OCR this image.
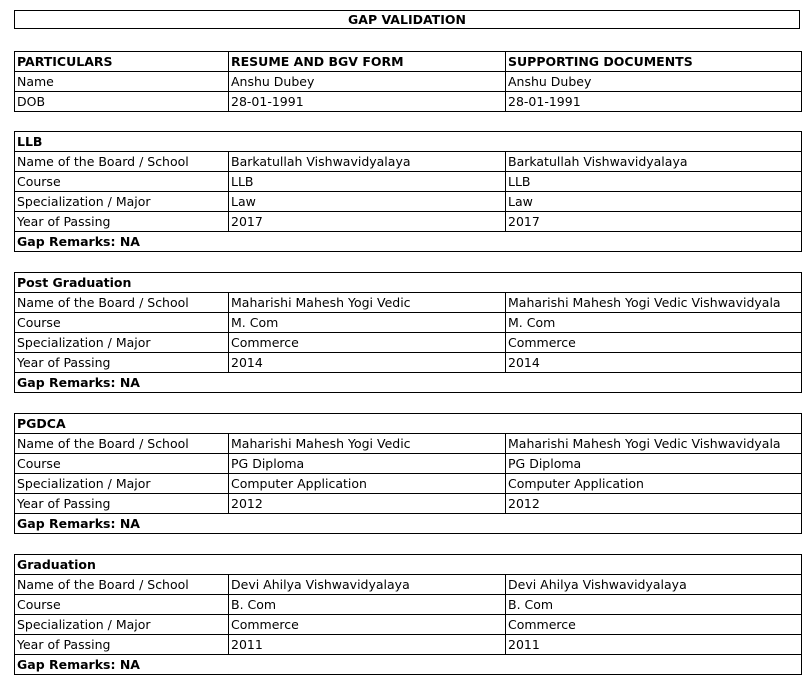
GAP VALIDATION
PARTICULARS	RESUME AND BGV FORM	SUPPORTING DOCUMENTS
Name	Anshu Dubey	Anshu Dubey
DOB	28-01-1991	28-01-1991
LLB
Name of the Board / School	Barkatullah Vishwavidyalaya	Barkatullah Vishwavidyalaya
Course	LLB	LLB
Specialization / Major	Law	Law
Year of Passing	2017	2017
Gap Remarks: NA
Post Graduation
Name of the Board / School	Maharishi Mahesh Yogi Vedic	Maharishi Mahesh Yogi Vedic Vishwavidyala
Course	M. Com	M. Com
Specialization / Major	Commerce	Commerce
Year of Passing	2014	2014
Gap Remarks: NA
PGDCA
Name of the Board / School	Maharishi Mahesh Yogi Vedic	Maharishi Mahesh Yogi Vedic Vishwavidyala
Course	PG Diploma	PG Diploma
Specialization / Major	Computer Application	Computer Application
Year of Passing	2012	2012
Gap Remarks: NA
Graduation
Name of the Board / School	Devi Ahilya Vishwavidyalaya	Devi Ahilya Vishwavidyalaya
Course	B. Com	B. Com
Specialization / Major	Commerce	Commerce
Year of Passing	2011	2011
Gap Remarks: NA
